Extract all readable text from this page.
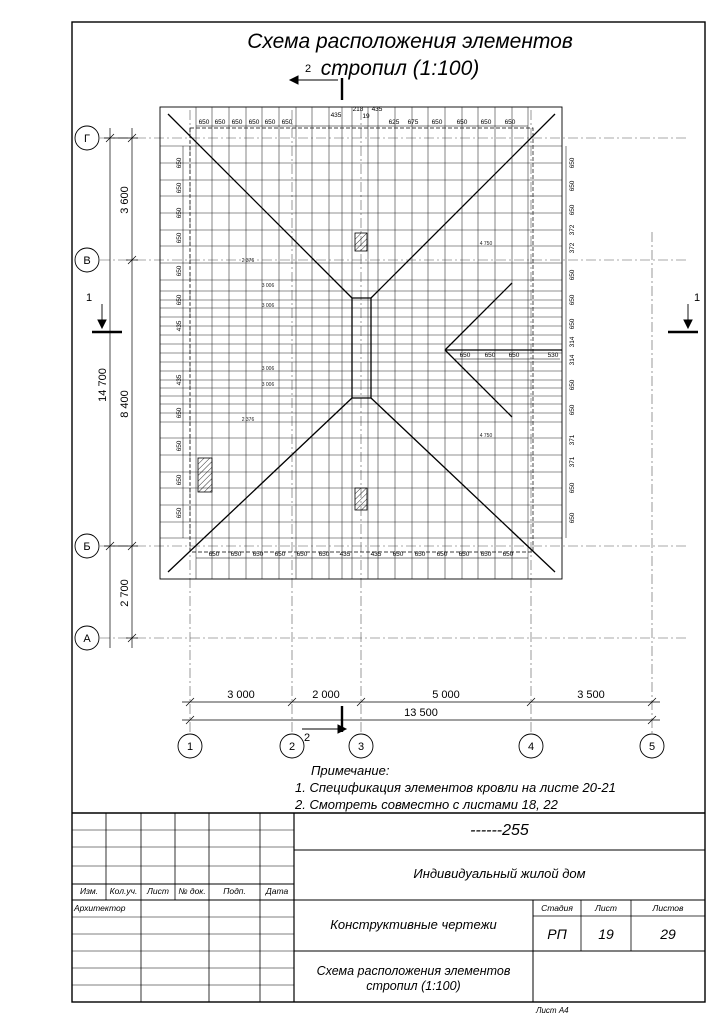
650 650 650 650 650 650
435
218 435
19
625 675 650 650 650 650
650 650 650 650 650 650 435	435 650 650 650 650 650 650
650
650
650
650
650
650
435
435
650
650
650
650
650
650
650
372
372
650
650
650
314
314
650
650
371
371
650
650
650 650 650	530
3 006
3 006
3 006
3 006
2 376
2 376
4 750
4 750
14 700
3 600
8 400
2 700
3 000	2 000	5 000	3 500
13 500
Г
В
Б
А
1	2	3	4	5
2
2
1	1
Схема расположения элементов
стропил (1:100)
Примечание:
1. Спецификация элементов кровли на листе 20-21
2. Смотреть совместно с листами 18, 22
------255
Индивидуальный жилой дом
Изм.	Кол.уч.	Лист	№ док.	Подп.	Дата
Архитектор
Конструктивные чертежи
Стадия	Лист	Листов
РП	19	29
Схема расположения элементов
стропил (1:100)
Лист А4
